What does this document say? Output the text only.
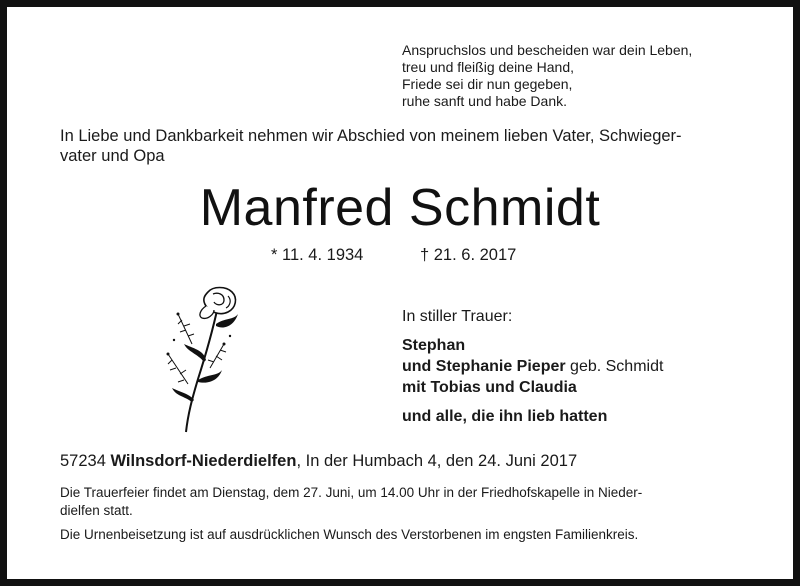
Anspruchslos und bescheiden war dein Leben,
treu und fleißig deine Hand,
Friede sei dir nun gegeben,
ruhe sanft und habe Dank.
In Liebe und Dankbarkeit nehmen wir Abschied von meinem lieben Vater, Schwieger-
vater und Opa
Manfred Schmidt
* 11. 4. 1934	† 21. 6. 2017
In stiller Trauer:
Stephan
und Stephanie Pieper geb. Schmidt
mit Tobias und Claudia
und alle, die ihn lieb hatten
57234 Wilnsdorf-Niederdielfen, In der Humbach 4, den 24. Juni 2017
Die Trauerfeier findet am Dienstag, dem 27. Juni, um 14.00 Uhr in der Friedhofskapelle in Nieder-
dielfen statt.
Die Urnenbeisetzung ist auf ausdrücklichen Wunsch des Verstorbenen im engsten Familienkreis.
